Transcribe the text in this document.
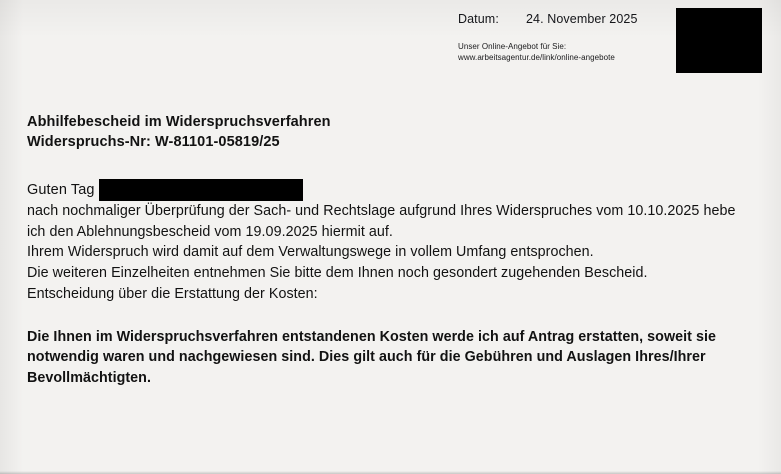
Datum:	24. November 2025
Unser Online-Angebot für Sie:
www.arbeitsagentur.de/link/online-angebote
Abhilfebescheid im Widerspruchsverfahren
Widerspruchs-Nr: W-81101-05819/25
Guten Tag

nach nochmaliger Überprüfung der Sach- und Rechtslage aufgrund Ihres Widerspruches vom 10.10.2025 hebe ich den Ablehnungsbescheid vom 19.09.2025 hiermit auf.

Ihrem Widerspruch wird damit auf dem Verwaltungswege in vollem Umfang entsprochen.

Die weiteren Einzelheiten entnehmen Sie bitte dem Ihnen noch gesondert zugehenden Bescheid.

Entscheidung über die Erstattung der Kosten:

Die Ihnen im Widerspruchsverfahren entstandenen Kosten werde ich auf Antrag erstatten, soweit sie notwendig waren und nachgewiesen sind. Dies gilt auch für die Gebühren und Auslagen Ihres/Ihrer Bevollmächtigten.
